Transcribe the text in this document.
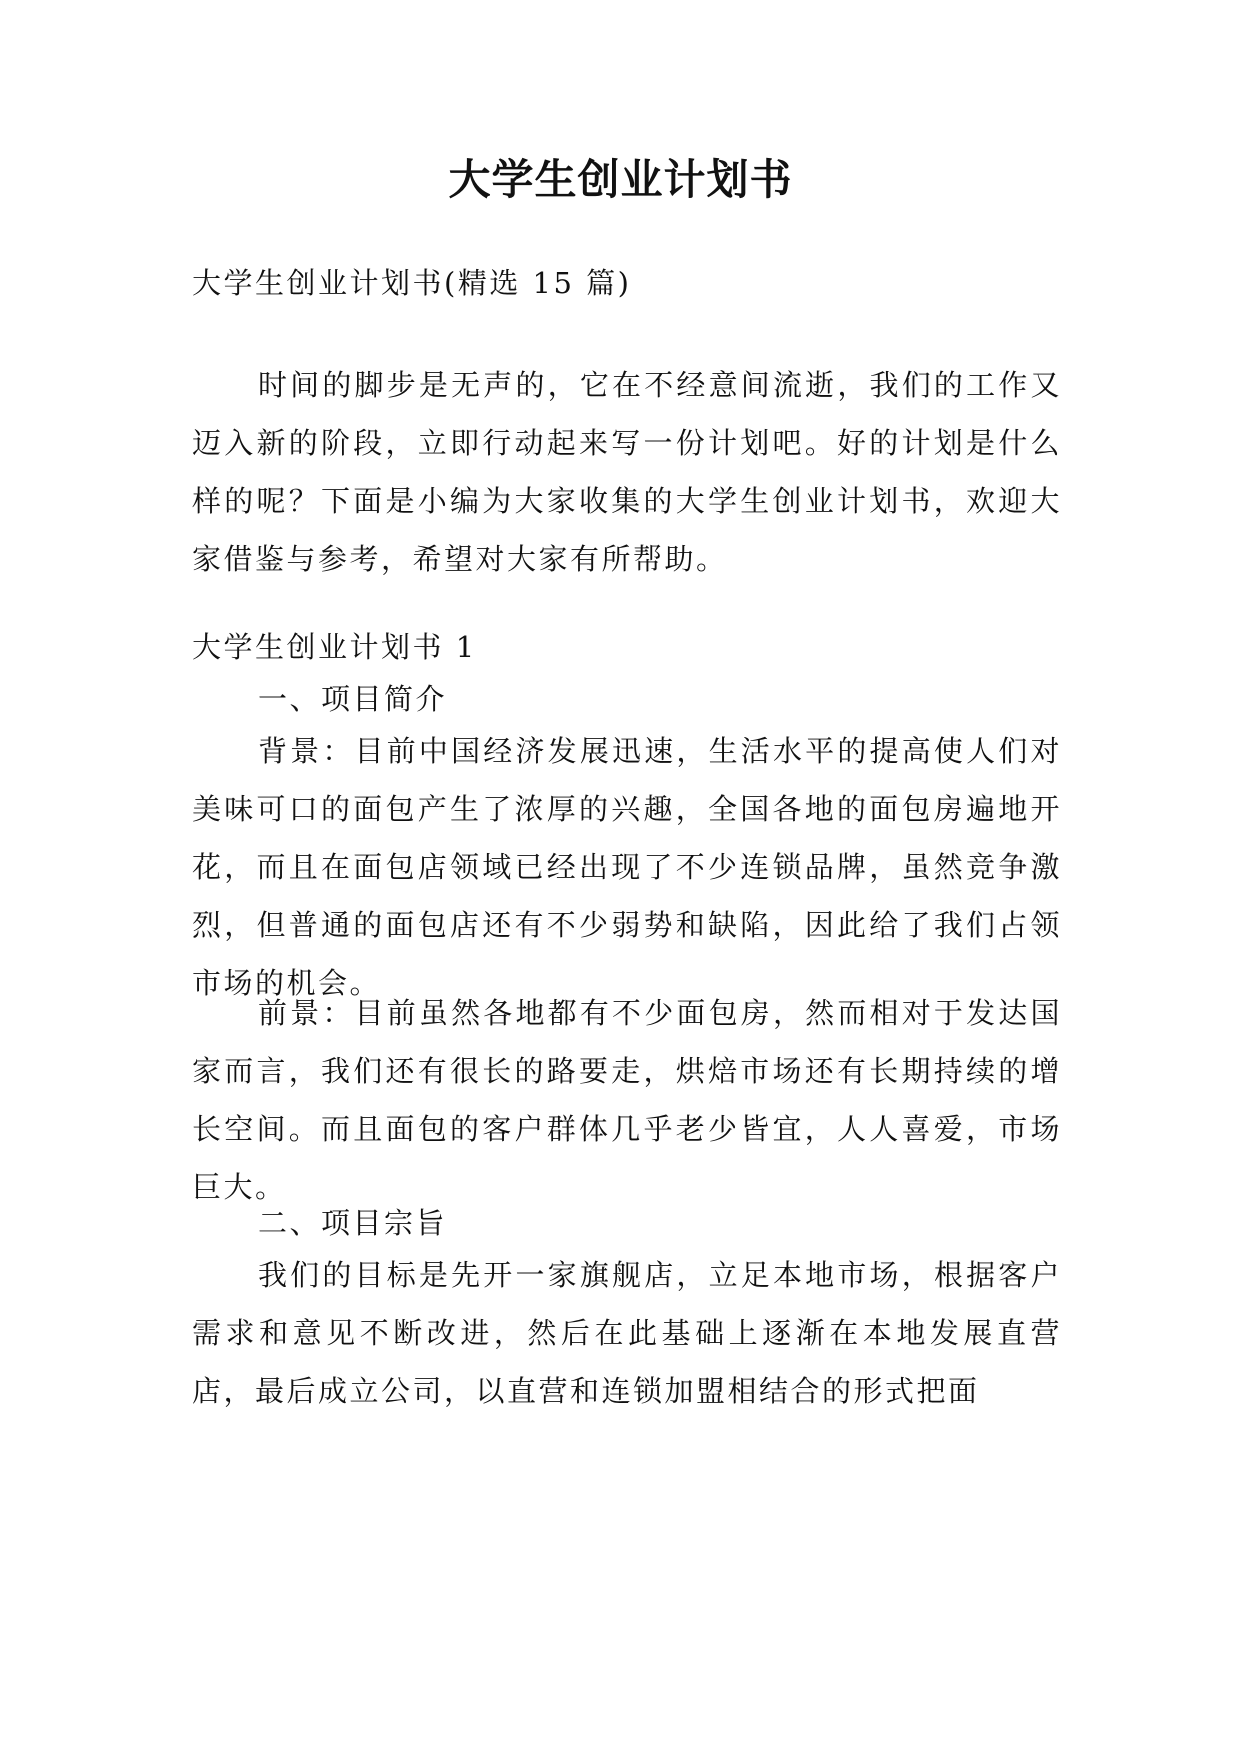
大学生创业计划书

大学生创业计划书(精选 15 篇)

时间的脚步是无声的，它在不经意间流逝，我们的工作又迈入新的阶段，立即行动起来写一份计划吧。好的计划是什么样的呢？下面是小编为大家收集的大学生创业计划书，欢迎大家借鉴与参考，希望对大家有所帮助。

大学生创业计划书 1

一、项目简介

背景：目前中国经济发展迅速，生活水平的提高使人们对美味可口的面包产生了浓厚的兴趣，全国各地的面包房遍地开花，而且在面包店领域已经出现了不少连锁品牌，虽然竞争激烈，但普通的面包店还有不少弱势和缺陷，因此给了我们占领市场的机会。

前景：目前虽然各地都有不少面包房，然而相对于发达国家而言，我们还有很长的路要走，烘焙市场还有长期持续的增长空间。而且面包的客户群体几乎老少皆宜，人人喜爱，市场巨大。

二、项目宗旨

我们的目标是先开一家旗舰店，立足本地市场，根据客户需求和意见不断改进，然后在此基础上逐渐在本地发展直营店，最后成立公司，以直营和连锁加盟相结合的形式把面
